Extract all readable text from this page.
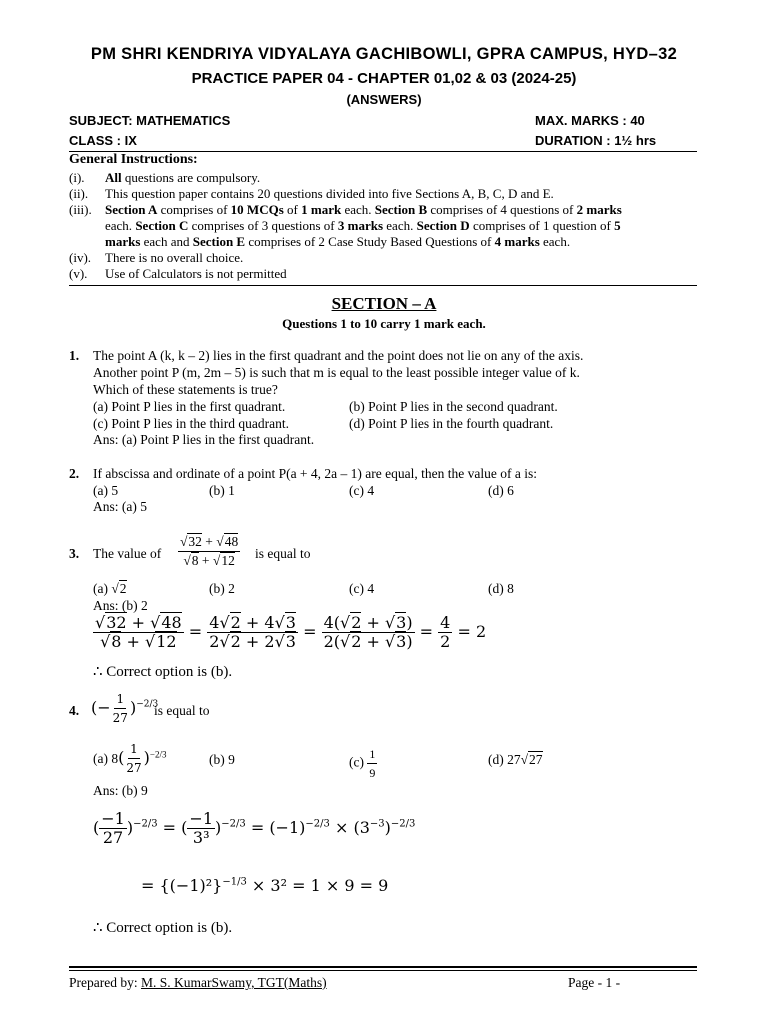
PM SHRI KENDRIYA VIDYALAYA GACHIBOWLI, GPRA CAMPUS, HYD–32
PRACTICE PAPER 04 - CHAPTER 01,02 & 03 (2024-25)
(ANSWERS)
SUBJECT: MATHEMATICS	MAX. MARKS : 40
CLASS : IX	DURATION : 1½ hrs
General Instructions:
(i). All questions are compulsory.
(ii). This question paper contains 20 questions divided into five Sections A, B, C, D and E.
(iii). Section A comprises of 10 MCQs of 1 mark each. Section B comprises of 4 questions of 2 marks
each. Section C comprises of 3 questions of 3 marks each. Section D comprises of 1 question of 5
marks each and Section E comprises of 2 Case Study Based Questions of 4 marks each.
(iv). There is no overall choice.
(v). Use of Calculators is not permitted
SECTION – A
Questions 1 to 10 carry 1 mark each.
1. The point A (k, k – 2) lies in the first quadrant and the point does not lie on any of the axis.
Another point P (m, 2m – 5) is such that m is equal to the least possible integer value of k.
Which of these statements is true?
(a) Point P lies in the first quadrant.	(b) Point P lies in the second quadrant.
(c) Point P lies in the third quadrant.	(d) Point P lies in the fourth quadrant.
Ans: (a) Point P lies in the first quadrant.
2. If abscissa and ordinate of a point P(a + 4, 2a – 1) are equal, then the value of a is:
(a) 5	(b) 1	(c) 4	(d) 6
Ans: (a) 5
3. The value of $\frac{√32 + √48}{√8 + √12}$ is equal to
(a) √2	(b) 2	(c) 4	(d) 8
Ans: (b) 2
$\frac{√32 + √48}{√8 + √12} = \frac{4√2 + 4√3}{2√2 + 2√3} = \frac{4(√2 + √3)}{2(√2 + √3)} = \frac{4}{2} = 2$
∴ Correct option is (b).
4. (− $\frac{1}{27} )^{-2/3}$
is equal to
(a) $8( \frac{1}{27} )^{-2/3}$	(b) 9	$(c) \frac{1}{9}$	(d) 27√27
Ans: (b) 9
( $\frac{-1}{27} )^{-2/3}$ = ( $\frac{-1}{\text{3³}} )^{-2/3} = (-1)^{-2/3} \times (3^{-3})^{-2/3}$
= $\{(-1)^2\}^{-1/3} \times 3^2 = 1 \times 9 = 9$
∴ Correct option is (b).
Prepared by: M. S. KumarSwamy, TGT(Maths)	Page - 1 -
